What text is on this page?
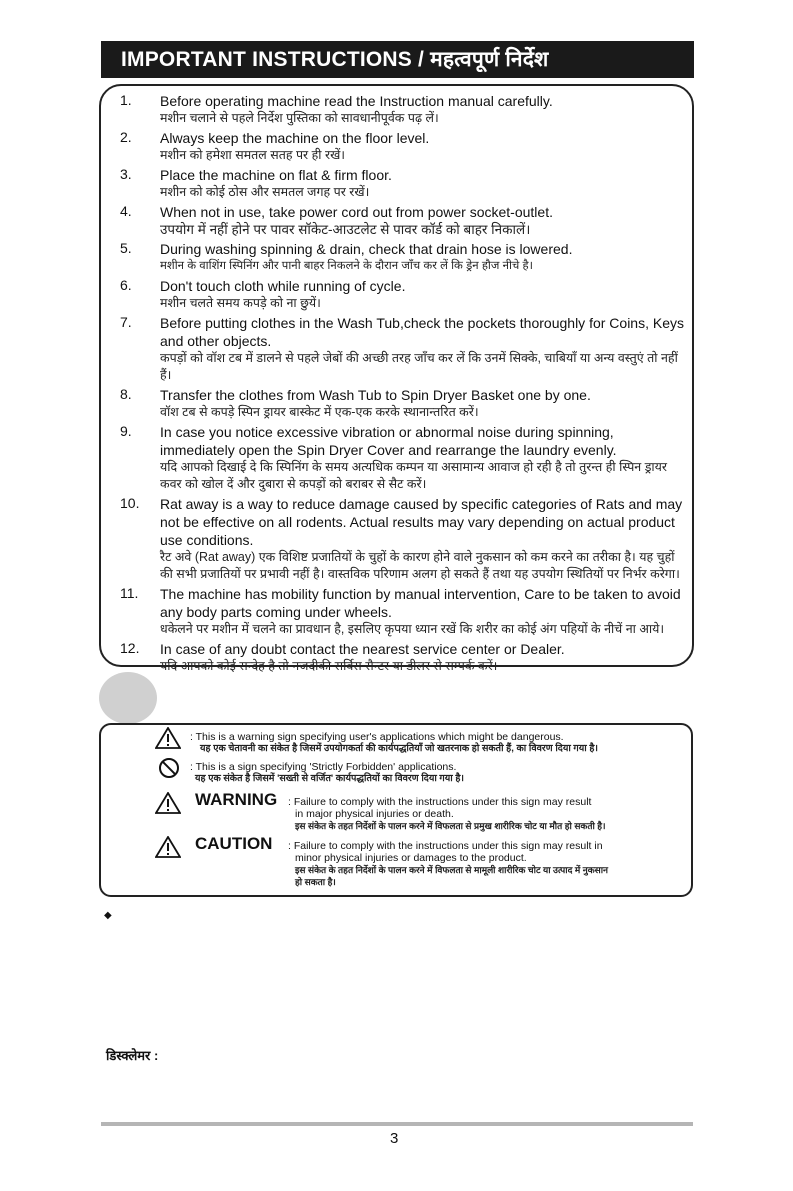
IMPORTANT INSTRUCTIONS / महत्वपूर्ण निर्देश
1. Before operating machine read the Instruction manual carefully.
मशीन चलाने से पहले निर्देश पुस्तिका को सावधानीपूर्वक पढ़ लें।
2. Always keep the machine on the floor level.
मशीन को हमेशा समतल सतह पर ही रखें।
3. Place the machine on flat & firm floor.
मशीन को कोई ठोस और समतल जगह पर रखें।
4. When not in use, take power cord out from power socket-outlet.
उपयोग में नहीं होने पर पावर सॉकेट-आउटलेट से पावर कॉर्ड को बाहर निकालें।
5. During washing spinning & drain, check that drain hose is lowered.
मशीन के वाशिंग स्पिनिंग और पानी बाहर निकलने के दौरान जाँच कर लें कि ड्रेन हौज नीचे है।
6. Don't touch cloth while running of cycle.
मशीन चलते समय कपड़े को ना छुयें।
7. Before putting clothes in the Wash Tub,check the pockets thoroughly for Coins, Keys and other objects.
कपड़ों को वॉश टब में डालने से पहले जेबों की अच्छी तरह जाँच कर लें कि उनमें सिक्के, चाबियाँ या अन्य वस्तुएं तो नहीं हैं।
8. Transfer the clothes from Wash Tub to Spin Dryer Basket one by one.
वॉश टब से कपड़े स्पिन ड्रायर बास्केट में एक-एक करके स्थानान्तरित करें।
9. In case you notice excessive vibration or abnormal noise during spinning, immediately open the Spin Dryer Cover and rearrange the laundry evenly.
यदि आपको दिखाई दे कि स्पिनिंग के समय अत्यधिक कम्पन या असामान्य आवाज हो रही है तो तुरन्त ही स्पिन ड्रायर कवर को खोल दें और दुबारा से कपड़ों को बराबर से सैट करें।
10. Rat away is a way to reduce damage caused by specific categories of Rats and may not be effective on all rodents. Actual results may vary depending on actual product use conditions.
रैट अवे (Rat away) एक विशिष्ट प्रजातियों के चुहों के कारण होने वाले नुकसान को कम करने का तरीका है। यह चुहों की सभी प्रजातियों पर प्रभावी नहीं है। वास्तविक परिणाम अलग हो सकते हैं तथा यह उपयोग स्थितियों पर निर्भर करेगा।
11. The machine has mobility function by manual intervention, Care to be taken to avoid any body parts coming under wheels.
धकेलने पर मशीन में चलने का प्रावधान है, इसलिए कृपया ध्यान रखें कि शरीर का कोई अंग पहियों के नीचें ना आये।
12. In case of any doubt contact the nearest service center or Dealer.
यदि आपको कोई सन्देह है तो नजदीकी सर्विस सैन्टर या डीलर से सम्पर्क करें।
: This is a warning sign specifying user's applications which might be dangerous.
यह एक चेतावनी का संकेत है जिसमें उपयोगकर्ता की कार्यपद्धतियाँ जो खतरनाक हो सकती हैं, का विवरण दिया गया है।
: This is a sign specifying 'Strictly Forbidden' applications.
यह एक संकेत है जिसमें 'सख्ती से वर्जित' कार्यपद्धतियों का विवरण दिया गया है।
WARNING : Failure to comply with the instructions under this sign may result
in major physical injuries or death.
इस संकेत के तहत निर्देशों के पालन करने में विफलता से प्रमुख शारीरिक चोट या मौत हो सकती है।
CAUTION : Failure to comply with the instructions under this sign may result in
minor physical injuries or damages to the product.
इस संकेत के तहत निर्देशों के पालन करने में विफलता से मामूली शारीरिक चोट या उत्पाद में नुकसान
हो सकता है।
◆
डिस्क्लेमर :
3
